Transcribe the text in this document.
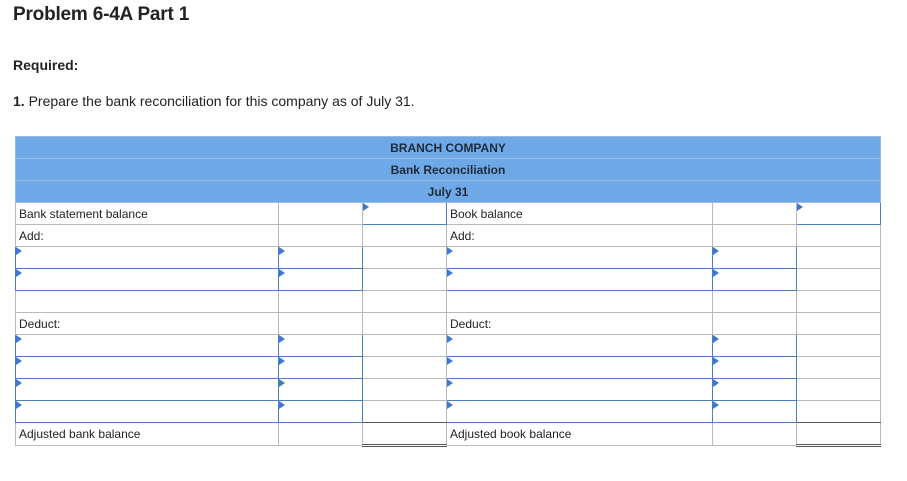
Problem 6-4A Part 1
Required:
1. Prepare the bank reconciliation for this company as of July 31.
BRANCH COMPANY					
Bank Reconciliation					
July 31					
Bank statement balance			Book balance		
Add:			Add:		

Deduct:			Deduct:		

Adjusted bank balance			Adjusted book balance		
